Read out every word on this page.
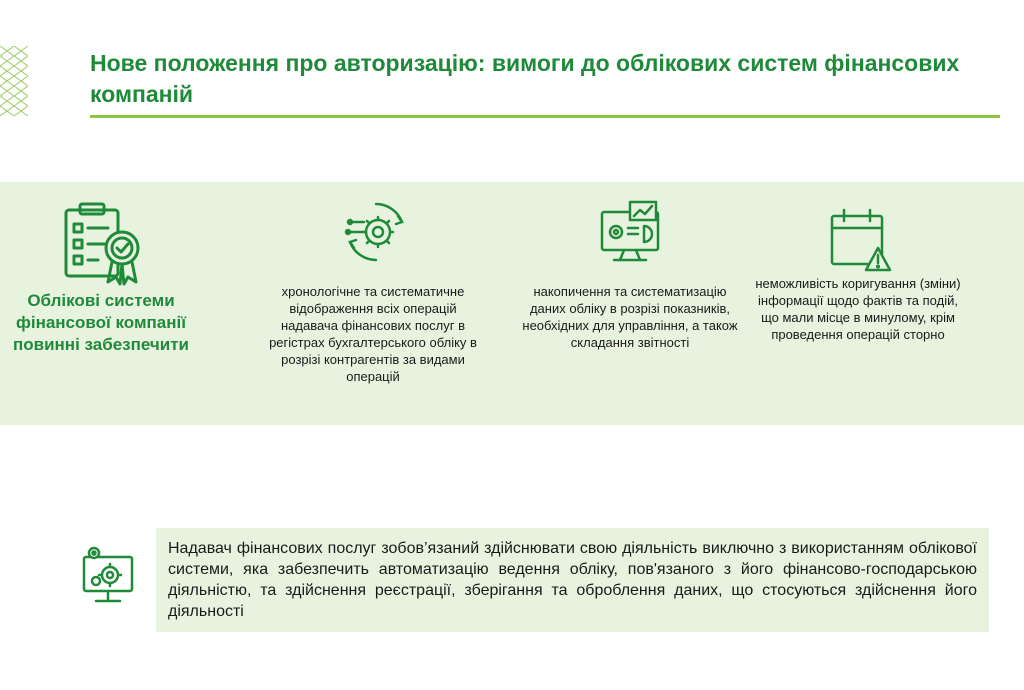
Нове положення про авторизацію: вимоги до облікових систем фінансових компаній
Облікові системи фінансової компанії повинні забезпечити
хронологічне та систематичне відображення всіх операцій надавача фінансових послуг в регістрах бухгалтерського обліку в розрізі контрагентів за видами операцій
накопичення та систематизацію даних обліку в розрізі показників, необхідних для управління, а також складання звітності
неможливість коригування (зміни) інформації щодо фактів та подій, що мали місце в минулому, крім проведення операцій сторно
Надавач фінансових послуг зобов’язаний здійснювати свою діяльність виключно з використанням облікової системи, яка забезпечить автоматизацію ведення обліку, пов'язаного з його фінансово-господарською діяльністю, та здійснення реєстрації, зберігання та оброблення даних, що стосуються здійснення його діяльності
